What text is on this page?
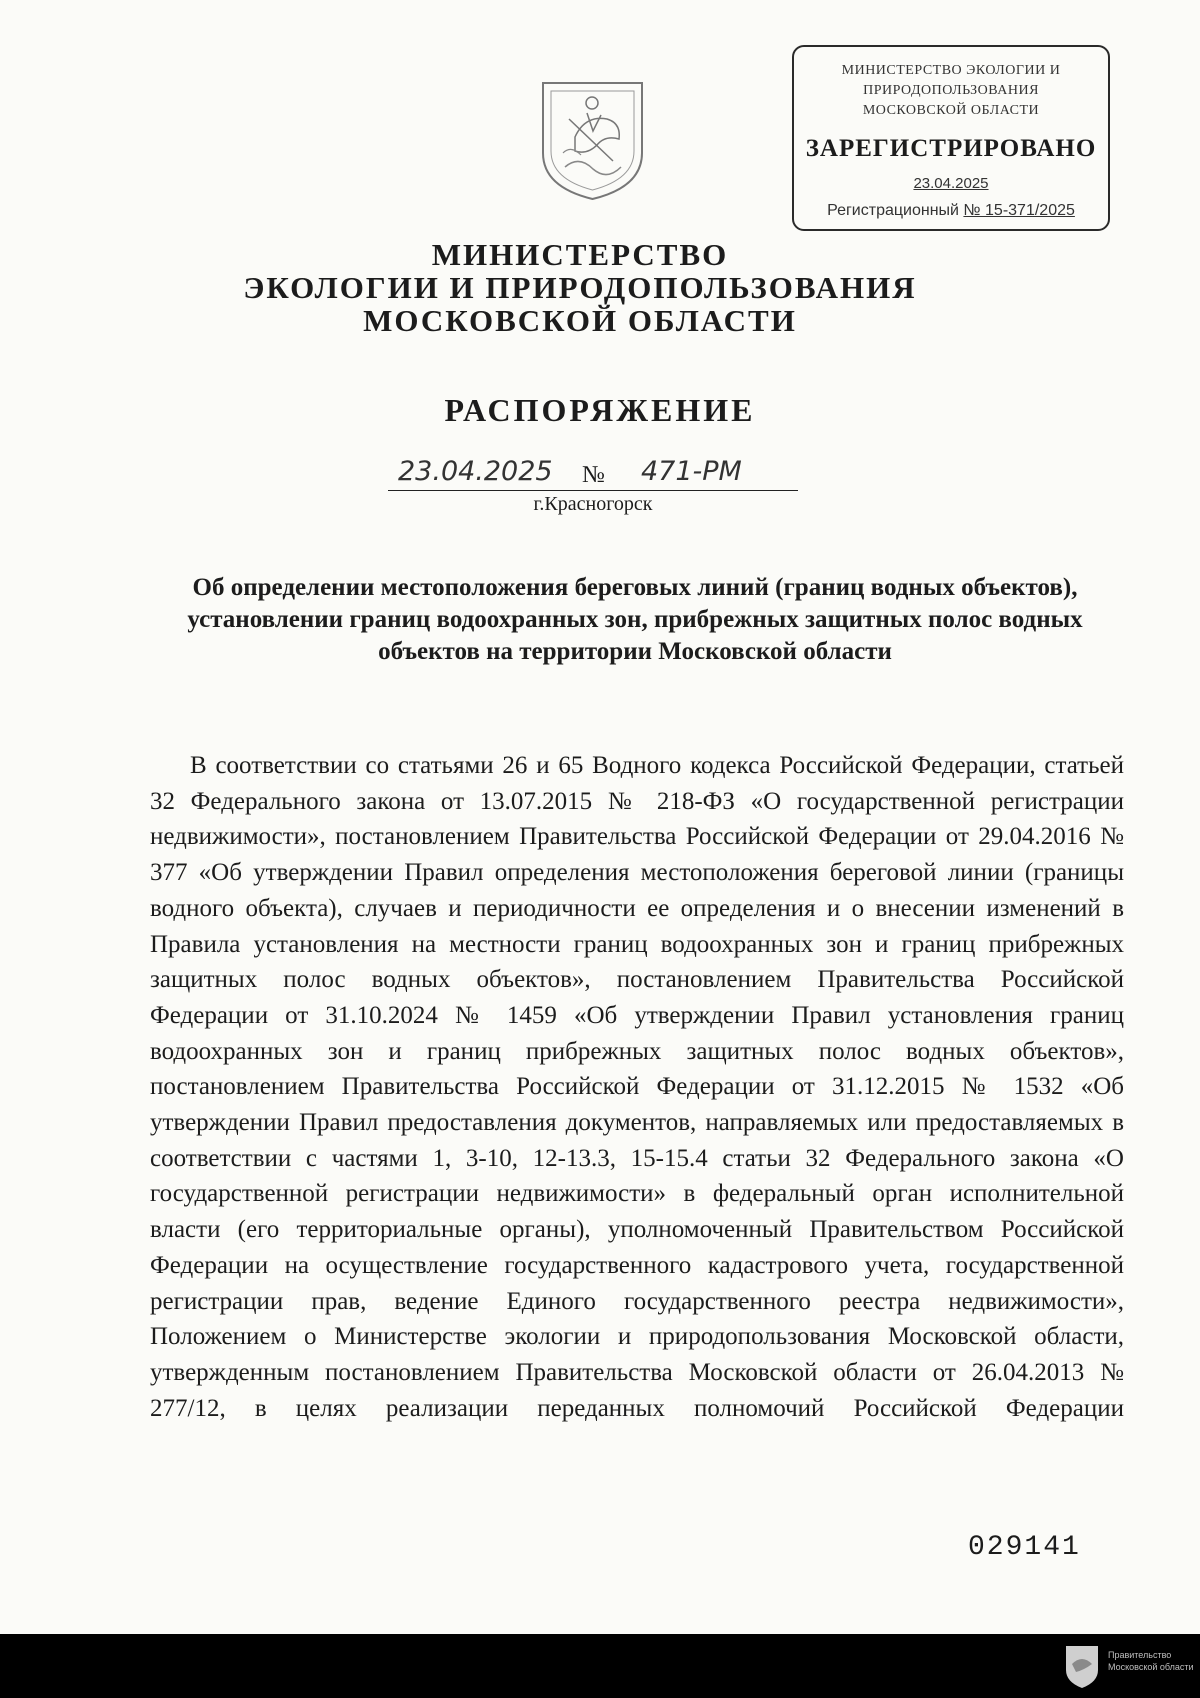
МИНИСТЕРСТВО ЭКОЛОГИИ И
ПРИРОДОПОЛЬЗОВАНИЯ
МОСКОВСКОЙ ОБЛАСТИ
ЗАРЕГИСТРИРОВАНО
23.04.2025
Регистрационный № 15-371/2025
МИНИСТЕРСТВО
ЭКОЛОГИИ И ПРИРОДОПОЛЬЗОВАНИЯ
МОСКОВСКОЙ ОБЛАСТИ
РАСПОРЯЖЕНИЕ
23.04.2025 № 471-РМ
г.Красногорск
Об определении местоположения береговых линий (границ водных объектов), установлении границ водоохранных зон, прибрежных защитных полос водных объектов на территории Московской области
В соответствии со статьями 26 и 65 Водного кодекса Российской Федерации, статьей 32 Федерального закона от 13.07.2015 № 218-ФЗ «О государственной регистрации недвижимости», постановлением Правительства Российской Федерации от 29.04.2016 № 377 «Об утверждении Правил определения местоположения береговой линии (границы водного объекта), случаев и периодичности ее определения и о внесении изменений в Правила установления на местности границ водоохранных зон и границ прибрежных защитных полос водных объектов», постановлением Правительства Российской Федерации от 31.10.2024 № 1459 «Об утверждении Правил установления границ водоохранных зон и границ прибрежных защитных полос водных объектов», постановлением Правительства Российской Федерации от 31.12.2015 № 1532 «Об утверждении Правил предоставления документов, направляемых или предоставляемых в соответствии с частями 1, 3-10, 12-13.3, 15-15.4 статьи 32 Федерального закона «О государственной регистрации недвижимости» в федеральный орган исполнительной власти (его территориальные органы), уполномоченный Правительством Российской Федерации на осуществление государственного кадастрового учета, государственной регистрации прав, ведение Единого государственного реестра недвижимости», Положением о Министерстве экологии и природопользования Московской области, утвержденным постановлением Правительства Московской области от 26.04.2013 № 277/12, в целях реализации переданных полномочий Российской Федерации
029141
Правительство
Московской области
